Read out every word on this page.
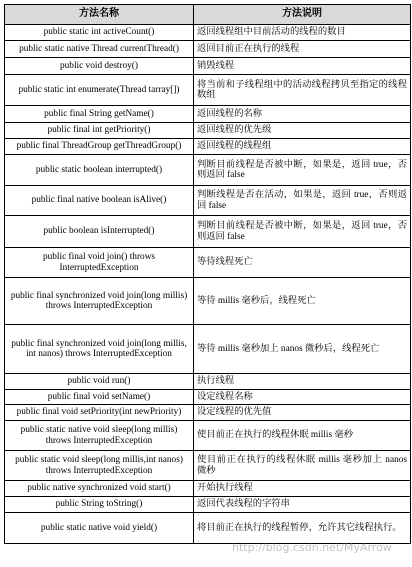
方法名称	方法说明
public static int activeCount()	返回线程组中目前活动的线程的数目
public static native Thread currentThread()	返回目前正在执行的线程
public void destroy()	销毁线程
public static int enumerate(Thread tarray[])	将当前和子线程组中的活动线程拷贝至指定的线程数组
public final String getName()	返回线程的名称
public final int getPriority()	返回线程的优先级
public final ThreadGroup getThreadGroup()	返回线程的线程组
public static boolean interrupted()	判断目前线程是否被中断，如果是，返回 true，否则返回 false
public final native boolean isAlive()	判断线程是否在活动，如果是，返回 true，否则返回 false
public boolean isInterrupted()	判断目前线程是否被中断，如果是，返回 true，否则返回 false
public final void join() throws InterruptedException	等待线程死亡
public final synchronized void join(long millis) throws InterruptedException	等待 millis 毫秒后，线程死亡
public final synchronized void join(long millis, int nanos) throws InterruptedException	等待 millis 毫秒加上 nanos 微秒后，线程死亡
public void run()	执行线程
public final void setName()	设定线程名称
public final void setPriority(int newPriority)	设定线程的优先值
public static native void sleep(long millis) throws InterruptedException	使目前正在执行的线程休眠 millis 毫秒
public static void sleep(long millis,int nanos) throws InterruptedException	使目前正在执行的线程休眠 millis 毫秒加上 nanos 微秒
public native synchronized void start()	开始执行线程
public String toString()	返回代表线程的字符串
public static native void yield()	将目前正在执行的线程暂停，允许其它线程执行。
http://blog.csdn.net/MyArrow
